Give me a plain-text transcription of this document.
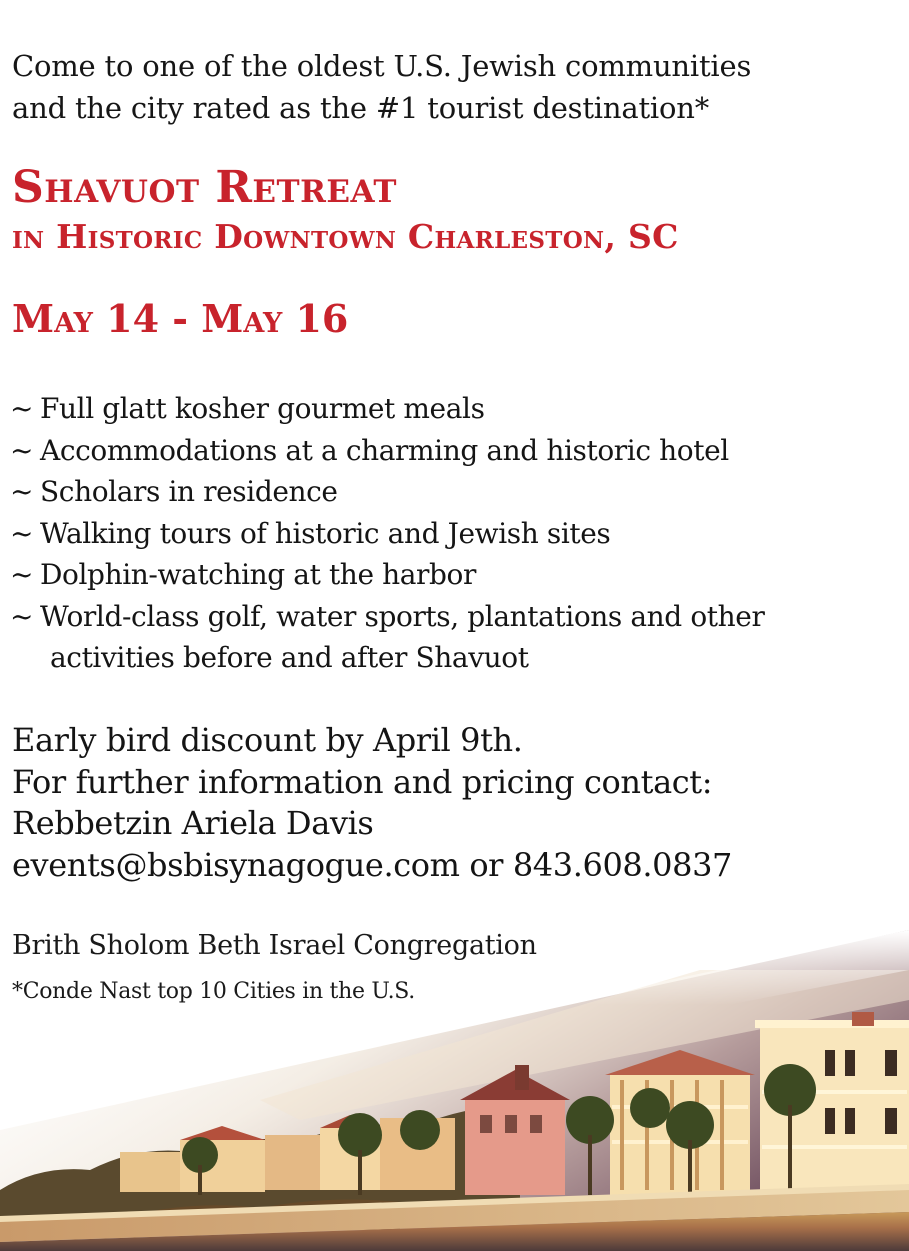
Come to one of the oldest U.S. Jewish communities
and the city rated as the #1 tourist destination*
Shavuot Retreat
in Historic Downtown Charleston, SC
May 14 - May 16
~ Full glatt kosher gourmet meals
~ Accommodations at a charming and historic hotel
~ Scholars in residence
~ Walking tours of historic and Jewish sites
~ Dolphin-watching at the harbor
~ World-class golf, water sports, plantations and other
activities before and after Shavuot
Early bird discount by April 9th.
For further information and pricing contact:
Rebbetzin Ariela Davis
events@bsbisynagogue.com or 843.608.0837
Brith Sholom Beth Israel Congregation
*Conde Nast top 10 Cities in the U.S.
